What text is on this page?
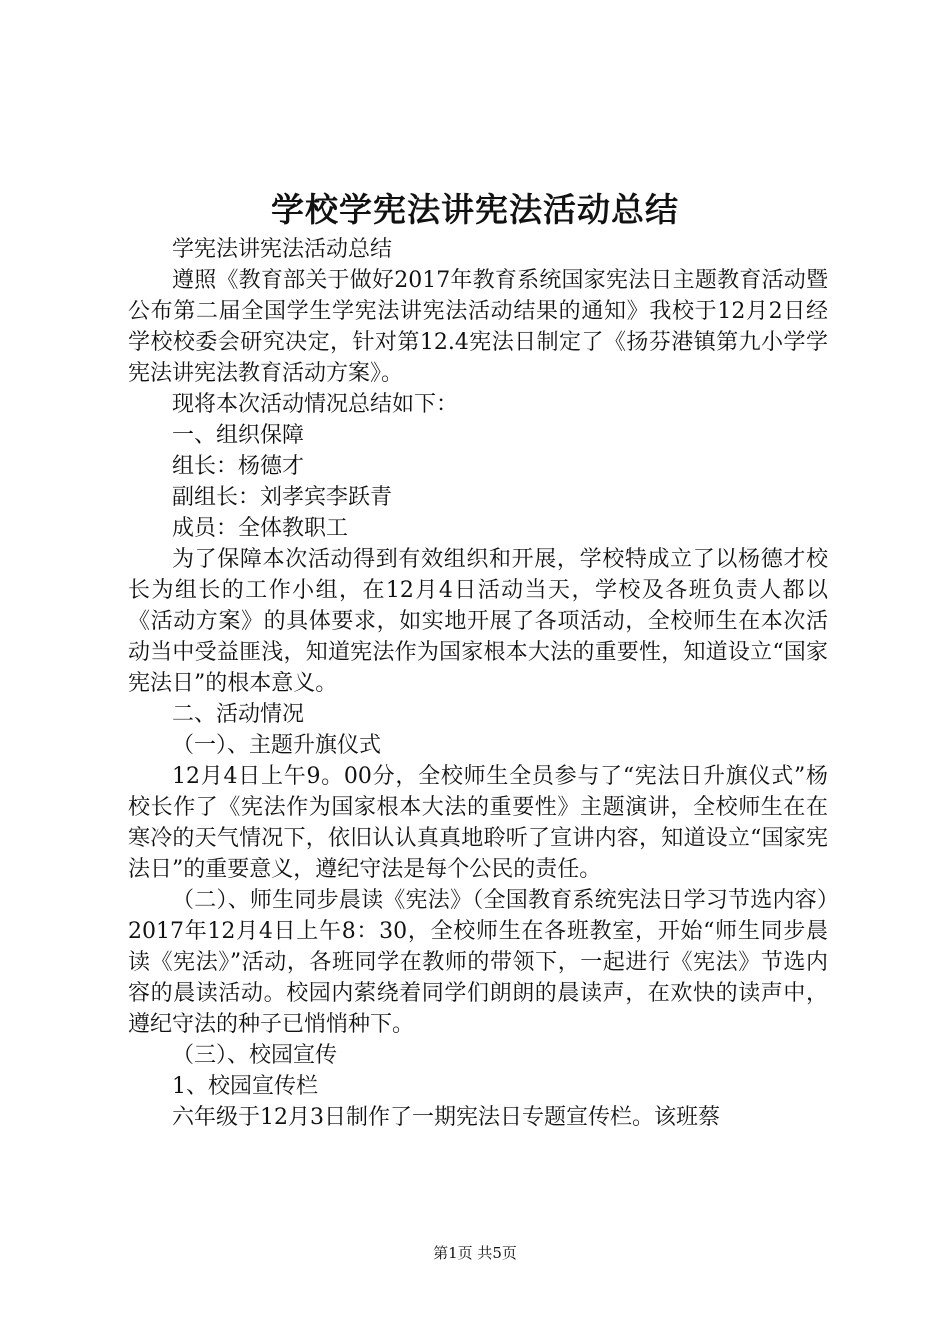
学校学宪法讲宪法活动总结

学宪法讲宪法活动总结

遵照《教育部关于做好2017年教育系统国家宪法日主题教育活动暨公布第二届全国学生学宪法讲宪法活动结果的通知》我校于12月2日经学校校委会研究决定，针对第12.4宪法日制定了《扬芬港镇第九小学学宪法讲宪法教育活动方案》。

现将本次活动情况总结如下：

一、组织保障

组长：杨德才

副组长：刘孝宾李跃青

成员：全体教职工

为了保障本次活动得到有效组织和开展，学校特成立了以杨德才校长为组长的工作小组，在12月4日活动当天，学校及各班负责人都以《活动方案》的具体要求，如实地开展了各项活动，全校师生在本次活动当中受益匪浅，知道宪法作为国家根本大法的重要性，知道设立“国家宪法日”的根本意义。

二、活动情况

（一）、主题升旗仪式

12月4日上午9。00分，全校师生全员参与了“宪法日升旗仪式”杨校长作了《宪法作为国家根本大法的重要性》主题演讲，全校师生在在寒冷的天气情况下，依旧认认真真地聆听了宣讲内容，知道设立“国家宪法日”的重要意义，遵纪守法是每个公民的责任。

（二）、师生同步晨读《宪法》（全国教育系统宪法日学习节选内容）2017年12月4日上午8：30，全校师生在各班教室，开始“师生同步晨读《宪法》”活动，各班同学在教师的带领下，一起进行《宪法》节选内容的晨读活动。校园内萦绕着同学们朗朗的晨读声，在欢快的读声中，遵纪守法的种子已悄悄种下。

（三）、校园宣传

1、校园宣传栏

六年级于12月3日制作了一期宪法日专题宣传栏。该班蔡

第1页 共5页
